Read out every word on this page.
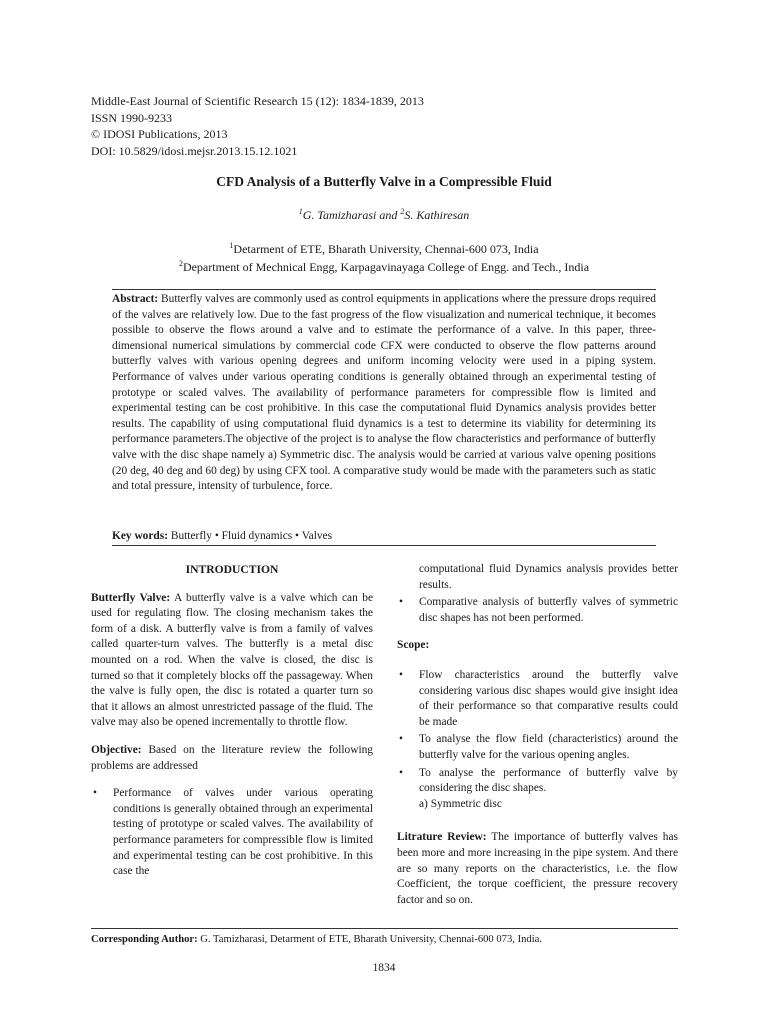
Middle-East Journal of Scientific Research 15 (12): 1834-1839, 2013
ISSN 1990-9233
© IDOSI Publications, 2013
DOI: 10.5829/idosi.mejsr.2013.15.12.1021
CFD Analysis of a Butterfly Valve in a Compressible Fluid
$^1$G. Tamizharasi and $^2$S. Kathiresan
$^1$Detarment of ETE, Bharath University, Chennai-600 073, India
$^2$Department of Mechnical Engg, Karpagavinayaga College of Engg. and Tech., India
Abstract: Butterfly valves are commonly used as control equipments in applications where the pressure drops required of the valves are relatively low. Due to the fast progress of the flow visualization and numerical technique, it becomes possible to observe the flows around a valve and to estimate the performance of a valve. In this paper, three-dimensional numerical simulations by commercial code CFX were conducted to observe the flow patterns around butterfly valves with various opening degrees and uniform incoming velocity were used in a piping system. Performance of valves under various operating conditions is generally obtained through an experimental testing of prototype or scaled valves. The availability of performance parameters for compressible flow is limited and experimental testing can be cost prohibitive. In this case the computational fluid Dynamics analysis provides better results. The capability of using computational fluid dynamics is a test to determine its viability for determining its performance parameters.The objective of the project is to analyse the flow characteristics and performance of butterfly valve with the disc shape namely a) Symmetric disc. The analysis would be carried at various valve opening positions (20 deg, 40 deg and 60 deg) by using CFX tool. A comparative study would be made with the parameters such as static and total pressure, intensity of turbulence, force.
Key words: Butterfly • Fluid dynamics • Valves
INTRODUCTION
Butterfly Valve: A butterfly valve is a valve which can be used for regulating flow. The closing mechanism takes the form of a disk. A butterfly valve is from a family of valves called quarter-turn valves. The butterfly is a metal disc mounted on a rod. When the valve is closed, the disc is turned so that it completely blocks off the passageway. When the valve is fully open, the disc is rotated a quarter turn so that it allows an almost unrestricted passage of the fluid. The valve may also be opened incrementally to throttle flow.
Objective: Based on the literature review the following problems are addressed
• Performance of valves under various operating conditions is generally obtained through an experimental testing of prototype or scaled valves. The availability of performance parameters for compressible flow is limited and experimental testing can be cost prohibitive. In this case the
computational fluid Dynamics analysis provides better results.
• Comparative analysis of butterfly valves of symmetric disc shapes has not been performed.
Scope:
• Flow characteristics around the butterfly valve considering various disc shapes would give insight idea of their performance so that comparative results could be made
• To analyse the flow field (characteristics) around the butterfly valve for the various opening angles.
• To analyse the performance of butterfly valve by considering the disc shapes.
a) Symmetric disc
Litrature Review: The importance of butterfly valves has been more and more increasing in the pipe system. And there are so many reports on the characteristics, i.e. the flow Coefficient, the torque coefficient, the pressure recovery factor and so on.
Corresponding Author: G. Tamizharasi, Detarment of ETE, Bharath University, Chennai-600 073, India.
1834
